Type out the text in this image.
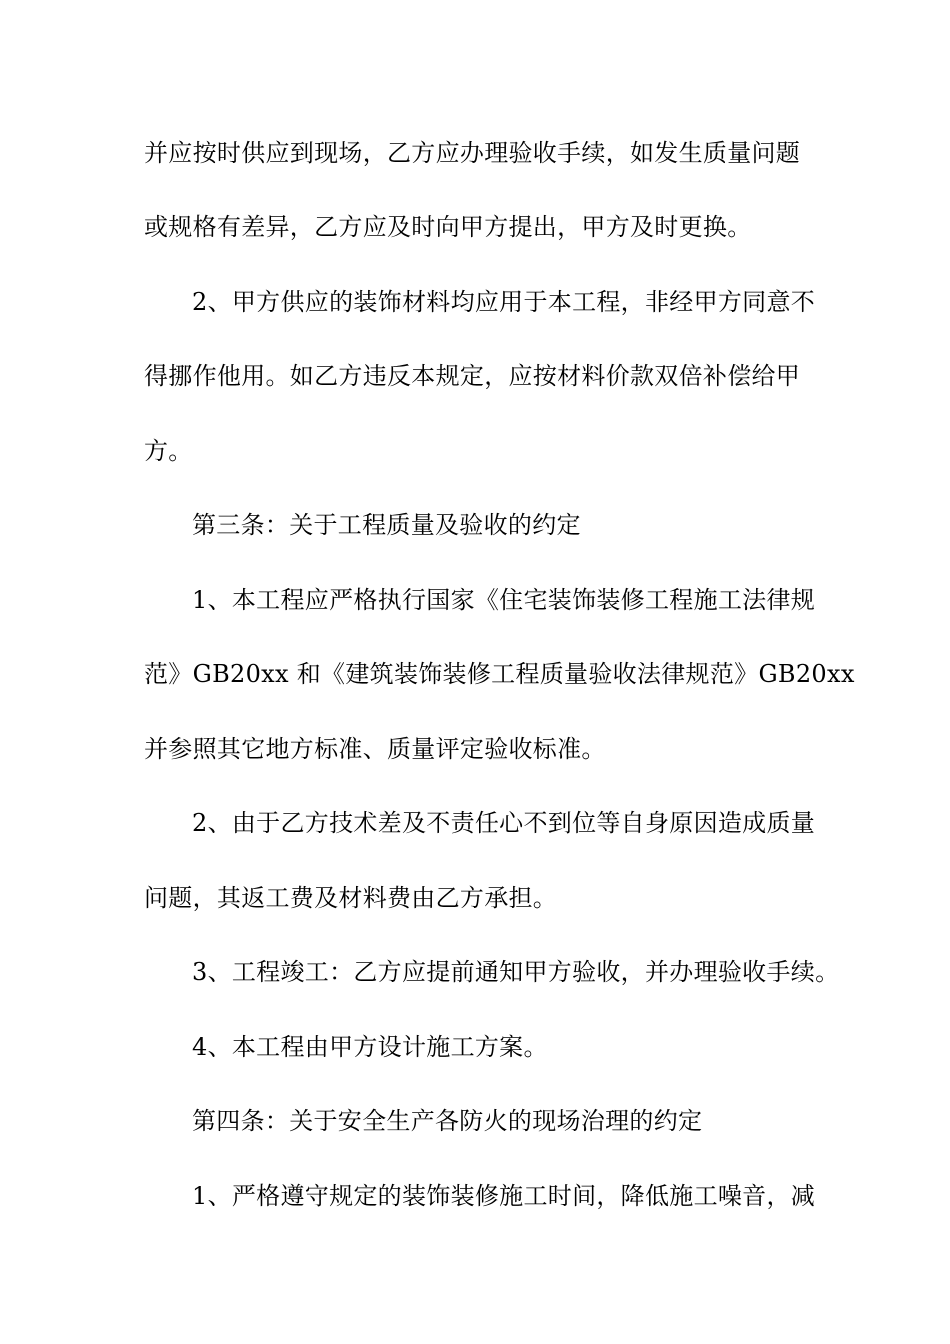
并应按时供应到现场，乙方应办理验收手续，如发生质量问题
或规格有差异，乙方应及时向甲方提出，甲方及时更换。
2、甲方供应的装饰材料均应用于本工程，非经甲方同意不
得挪作他用。如乙方违反本规定，应按材料价款双倍补偿给甲
方。
第三条：关于工程质量及验收的约定
1、本工程应严格执行国家《住宅装饰装修工程施工法律规
范》GB20xx 和《建筑装饰装修工程质量验收法律规范》GB20xx
并参照其它地方标准、质量评定验收标准。
2、由于乙方技术差及不责任心不到位等自身原因造成质量
问题，其返工费及材料费由乙方承担。
3、工程竣工：乙方应提前通知甲方验收，并办理验收手续。
4、本工程由甲方设计施工方案。
第四条：关于安全生产各防火的现场治理的约定
1、严格遵守规定的装饰装修施工时间，降低施工噪音，减
